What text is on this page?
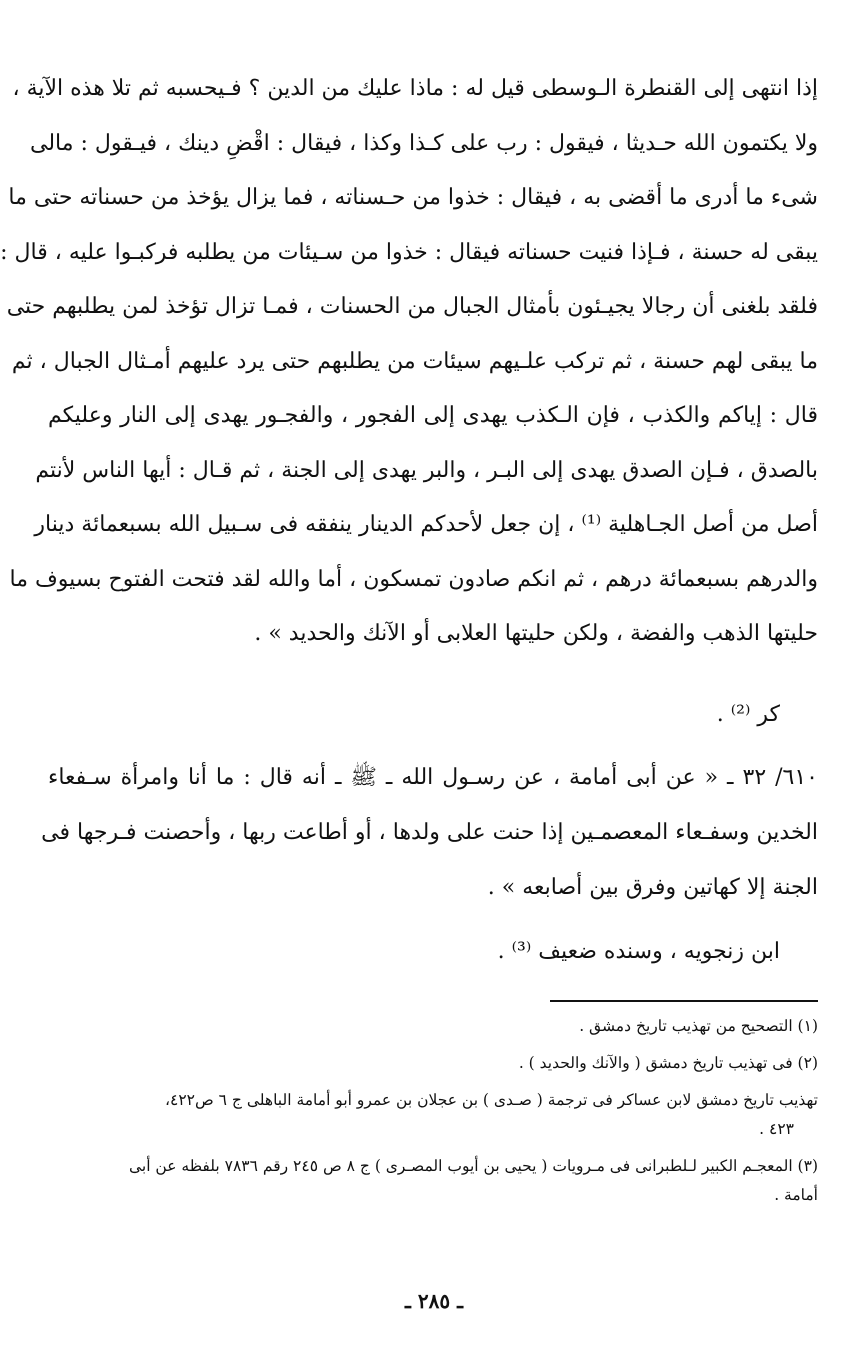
إذا انتهى إلى القنطرة الـوسطى قيل له : ماذا عليك من الدين ؟ فـيحسبه ثم تلا هذه الآية ،
ولا يكتمون الله حـديثا ، فيقول : رب على كـذا وكذا ، فيقال : اقْضِ دينك ، فيـقول : مالى
شىء ما أدرى ما أقضى به ، فيقال : خذوا من حـسناته ، فما يزال يؤخذ من حسناته حتى ما
يبقى له حسنة ، فـإذا فنيت حسناته فيقال : خذوا من سـيئات من يطلبه فركبـوا عليه ، قال :
فلقد بلغنى أن رجالا يجيـئون بأمثال الجبال من الحسنات ، فمـا تزال تؤخذ لمن يطلبهم حتى
ما يبقى لهم حسنة ، ثم تركب علـيهم سيئات من يطلبهم حتى يرد عليهم أمـثال الجبال ، ثم
قال : إياكم والكذب ، فإن الـكذب يهدى إلى الفجور ، والفجـور يهدى إلى النار وعليكم
بالصدق ، فـإن الصدق يهدى إلى البـر ، والبر يهدى إلى الجنة ، ثم قـال : أيها الناس لأنتم
أصل من أصل الجـاهلية ⁽¹⁾ ، إن جعل لأحدكم الدينار ينفقه فى سـبيل الله بسبعمائة دينار
والدرهم بسبعمائة درهم ، ثم انكم صادون تمسكون ، أما والله لقد فتحت الفتوح بسيوف ما
حليتها الذهب والفضة ، ولكن حليتها العلابى أو الآنك والحديد » .
كر ⁽²⁾ .
٦١٠/ ٣٢ ـ « عن أبى أمامة ، عن رسـول الله ـ ﷺ ـ أنه قال : ما أنا وامرأة سـفعاء
الخدين وسفـعاء المعصمـين إذا حنت على ولدها ، أو أطاعت ربها ، وأحصنت فـرجها فى
الجنة إلا كهاتين وفرق بين أصابعه » .
ابن زنجويه ، وسنده ضعيف ⁽³⁾ .
(١) التصحيح من تهذيب تاريخ دمشق .
(٢) فى تهذيب تاريخ دمشق ( والآنك والحديد ) .
تهذيب تاريخ دمشق لابن عساكر فى ترجمة ( صـدى ) بن عجلان بن عمرو أبو أمامة الباهلى ج ٦ ص٤٢٢،
٤٢٣ .
(٣) المعجـم الكبير لـلطبرانى فى مـرويات ( يحيى بن أيوب المصـرى ) ج ٨ ص ٢٤٥ رقم ٧٨٣٦ بلفظه عن أبى
أمامة .
ـ ٢٨٥ ـ
